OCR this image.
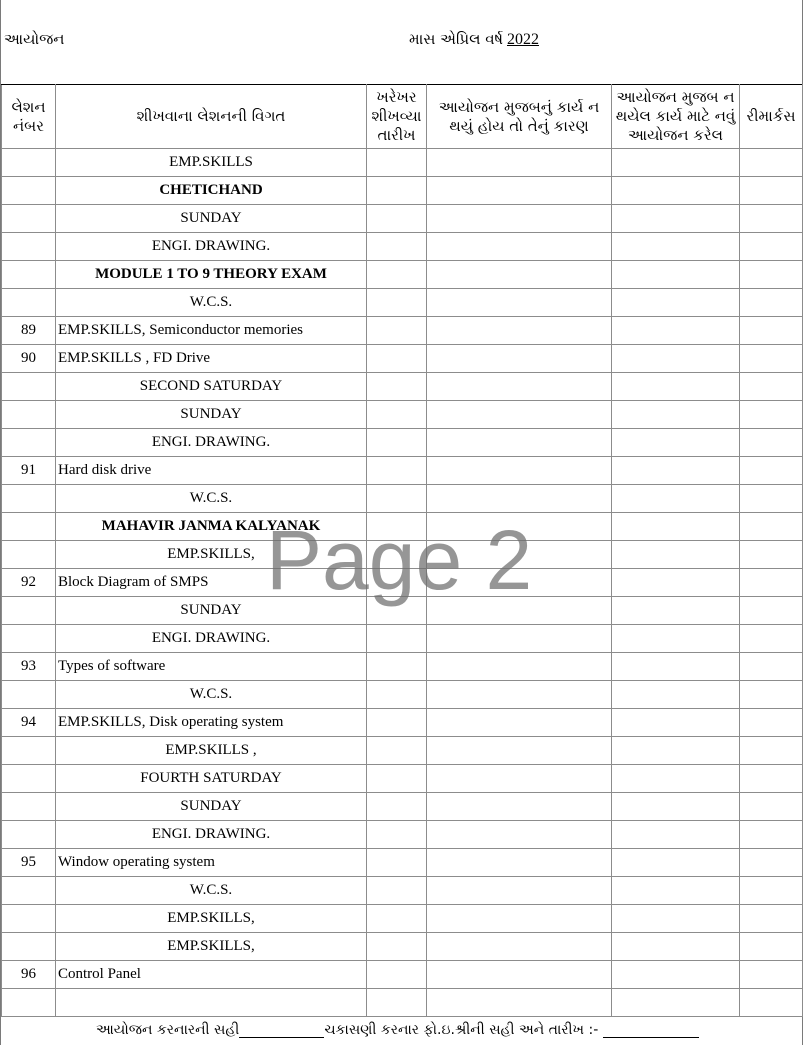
આયોજન	માસ એપ્રિલ વર્ષ 2022
લેશન નંબર	શીખવાના લેશનની વિગત	ખરેખર શીખવ્યા તારીખ	આયોજન મુજબનું કાર્ય ન થયું હોય તો તેનું કારણ	આયોજન મુજબ ન થયેલ કાર્ય માટે નવું આયોજન કરેલ	રીમાર્કસ
	EMP.SKILLS				
	CHETICHAND				
	SUNDAY				
	ENGI. DRAWING.				
	MODULE 1 TO 9 THEORY EXAM				
	W.C.S.				
89	EMP.SKILLS, Semiconductor memories				
90	EMP.SKILLS , FD Drive				
	SECOND SATURDAY				
	SUNDAY				
	ENGI. DRAWING.				
91	Hard disk drive				
	W.C.S.				
	MAHAVIR JANMA KALYANAK				
	EMP.SKILLS,				
92	Block Diagram of SMPS				
	SUNDAY				
	ENGI. DRAWING.				
93	Types of software				
	W.C.S.				
94	EMP.SKILLS, Disk operating system				
	EMP.SKILLS ,				
	FOURTH SATURDAY				
	SUNDAY				
	ENGI. DRAWING.				
95	Window operating system				
	W.C.S.				
	EMP.SKILLS,				
	EMP.SKILLS,				
96	Control Panel				

આયોજન કરનારની સહી	ચકાસણી કરનાર ફો.ઇ.શ્રીની સહી અને તારીખ :-
Page 2
